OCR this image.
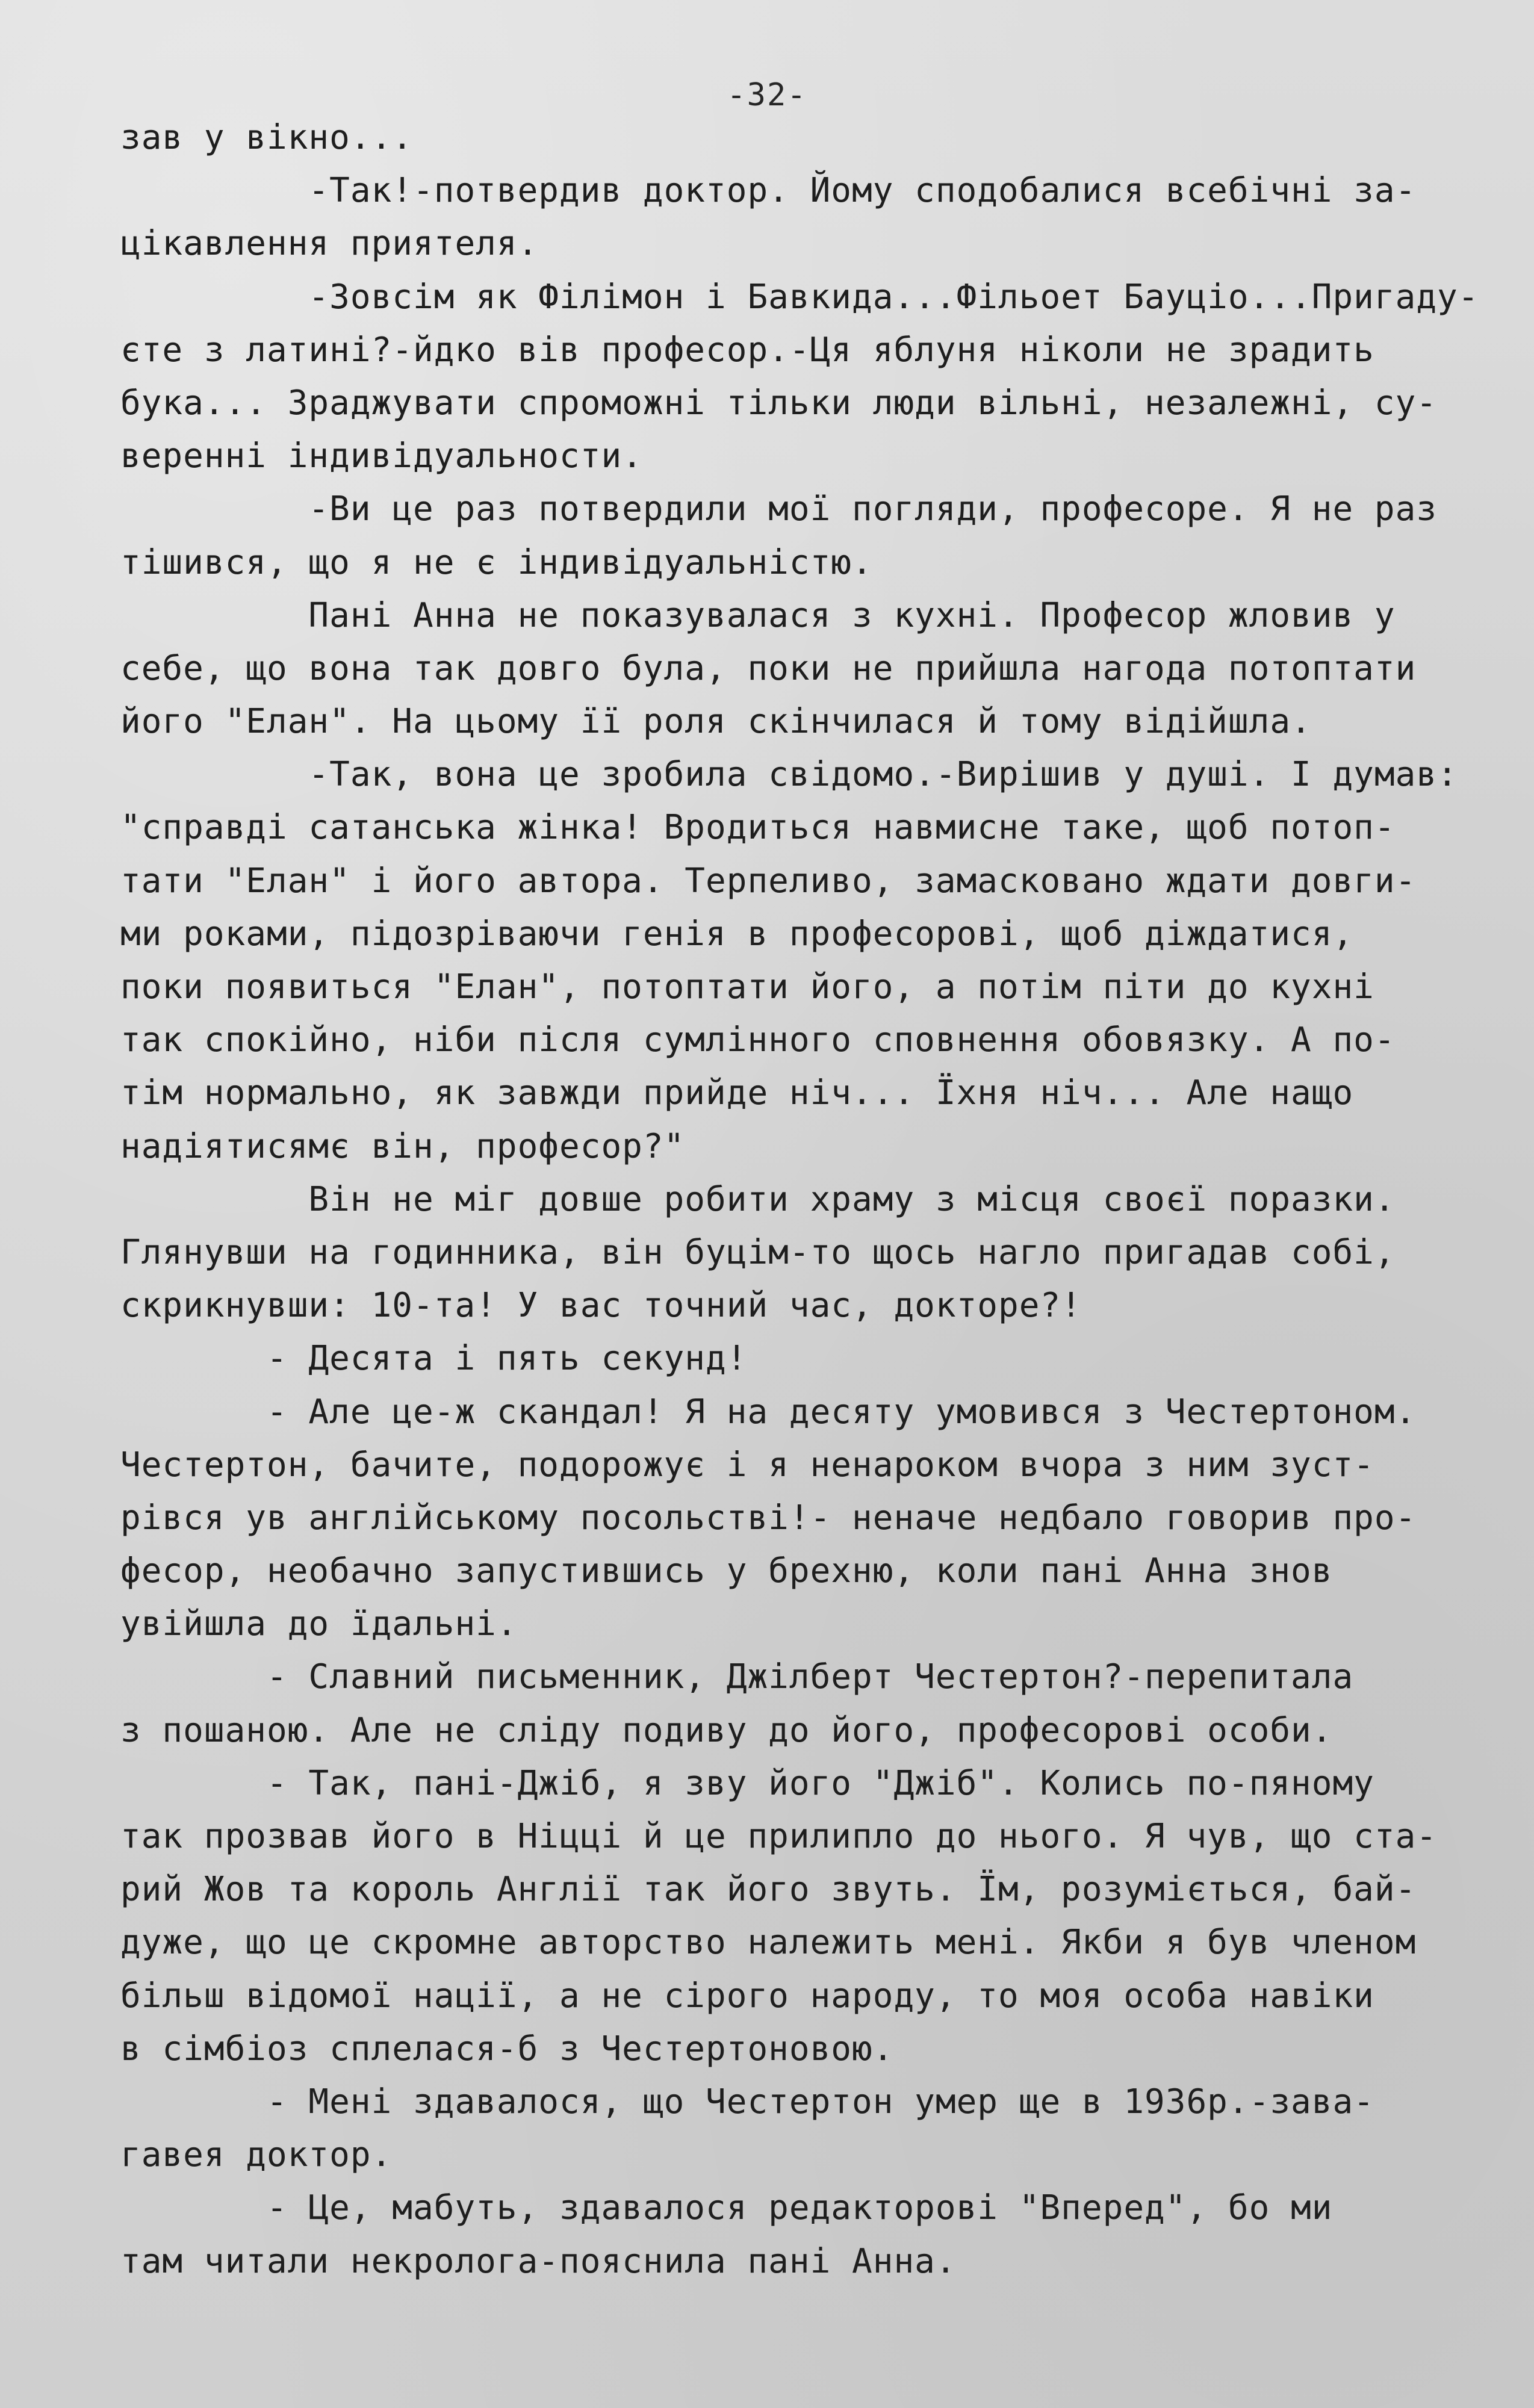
-32-
зав у вікно...
-Так!-потвердив доктор. Йому сподобалися всебічні за-
цікавлення приятеля.
-Зовсім як Філімон і Бавкида...Фільоет Бауціо...Пригаду-
єте з латині?-йдко вів професор.-Ця яблуня ніколи не зрадить
бука... Зраджувати спроможні тільки люди вільні, незалежні, су-
веренні індивідуальности.
-Ви це раз потвердили мої погляди, професоре. Я не раз
тішився, що я не є індивідуальністю.
Пані Анна не показувалася з кухні. Професор жловив у
себе, що вона так довго була, поки не прийшла нагода потоптати
його "Елан". На цьому її роля скінчилася й тому відійшла.
-Так, вона це зробила свідомо.-Вирішив у душі. І думав:
"справді сатанська жінка! Вродиться навмисне таке, щоб потоп-
тати "Елан" і його автора. Терпеливо, замасковано ждати довги-
ми роками, підозріваючи генія в професорові, щоб діждатися,
поки появиться "Елан", потоптати його, а потім піти до кухні
так спокійно, ніби після сумлінного сповнення обовязку. А по-
тім нормально, як завжди прийде ніч... Їхня ніч... Але нащо
надіятисямє він, професор?"
Він не міг довше робити храму з місця своєї поразки.
Глянувши на годинника, він буцім-то щось нагло пригадав собі,
скрикнувши: 10-та! У вас точний час, докторе?!
- Десята і пять секунд!
- Але це-ж скандал! Я на десяту умовився з Честертоном.
Честертон, бачите, подорожує і я ненароком вчора з ним зуст-
рівся ув англійському посольстві!- неначе недбало говорив про-
фесор, необачно запустившись у брехню, коли пані Анна знов
увійшла до їдальні.
- Славний письменник, Джілберт Честертон?-перепитала
з пошаною. Але не сліду подиву до його, професорові особи.
- Так, пані-Джіб, я зву його "Джіб". Колись по-пяному
так прозвав його в Ніцці й це прилипло до нього. Я чув, що ста-
рий Жов та король Англії так його звуть. Їм, розуміється, бай-
дуже, що це скромне авторство належить мені. Якби я був членом
більш відомої нації, а не сірого народу, то моя особа навіки
в сімбіоз сплелася-б з Честертоновою.
- Мені здавалося, що Честертон умер ще в 1936р.-зава-
гавея доктор.
- Це, мабуть, здавалося редакторові "Вперед", бо ми
там читали некролога-пояснила пані Анна.
